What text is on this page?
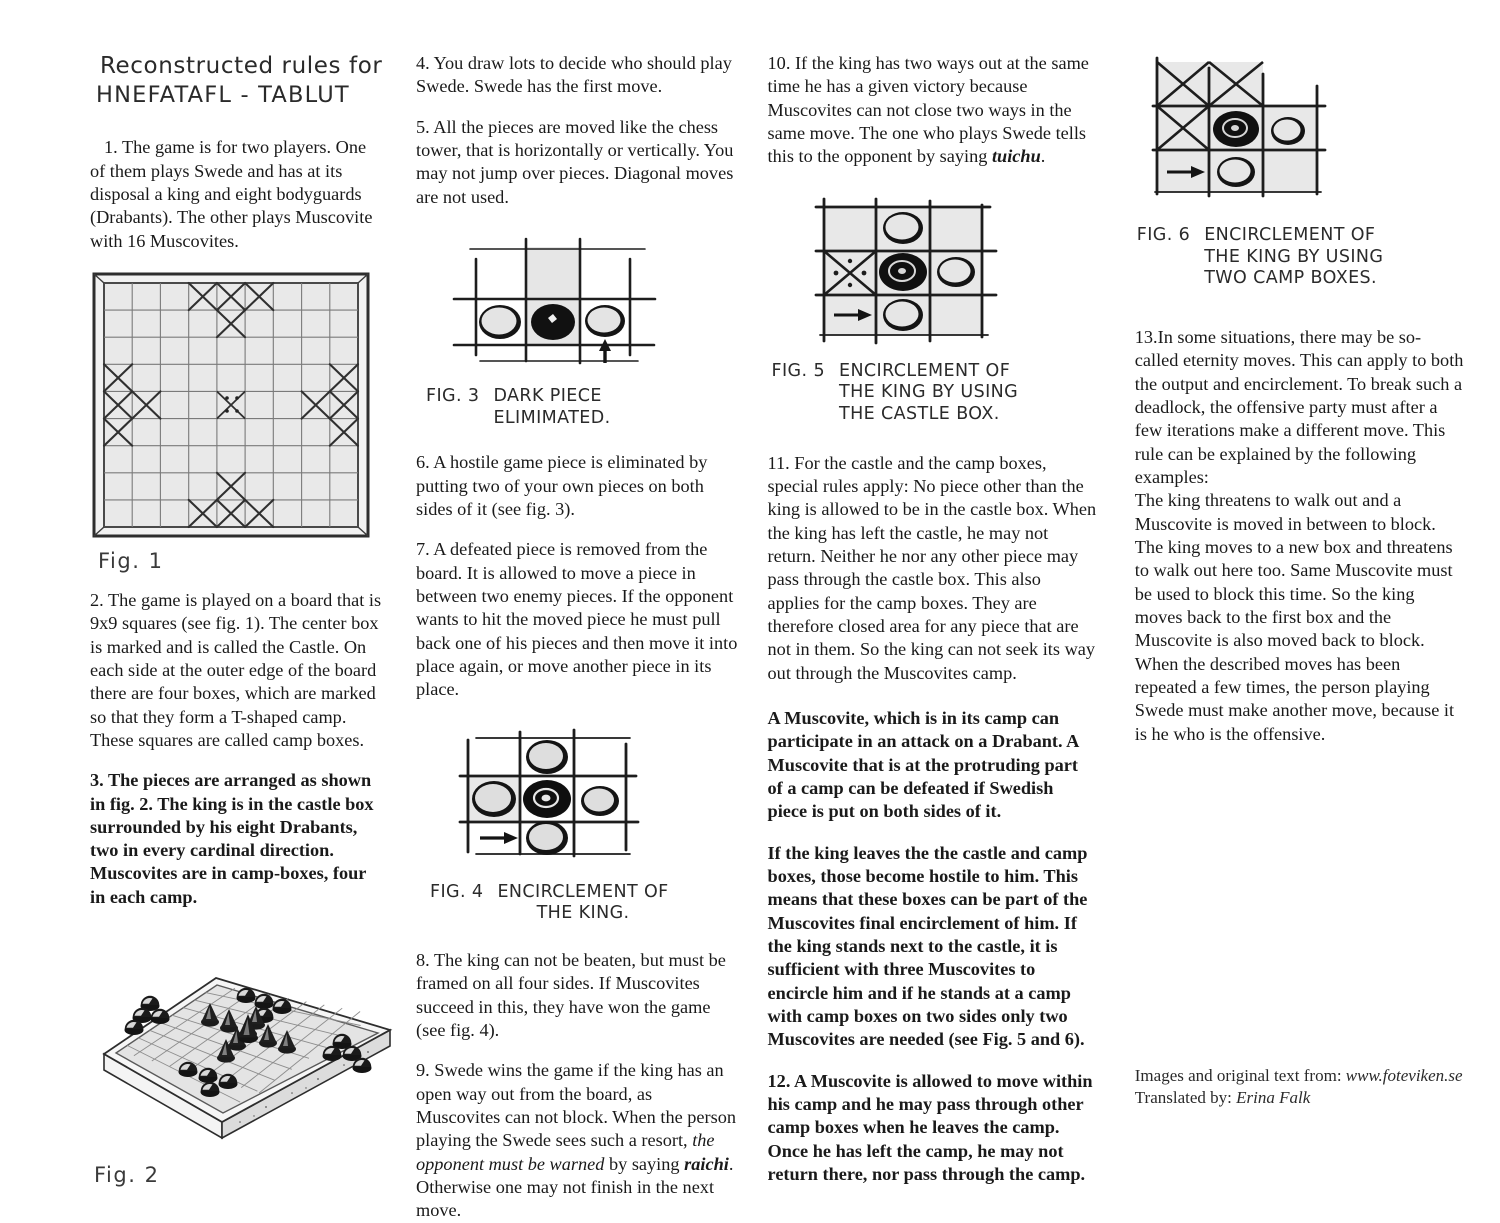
Reconstructed rules for
HNEFATAFL - TABLUT

1. The game is for two players. One of them plays Swede and has at its disposal a king and eight bodyguards (Drabants). The other plays Muscovite with 16 Muscovites.

Fig. 1

2. The game is played on a board that is 9x9 squares (see fig. 1). The center box is marked and is called the Castle. On each side at the outer edge of the board there are four boxes, which are marked so that they form a T-shaped camp. These squares are called camp boxes.

3. The pieces are arranged as shown in fig. 2. The king is in the castle box surrounded by his eight Drabants, two in every cardinal direction. Muscovites are in camp-boxes, four in each camp.

Fig. 2

4. You draw lots to decide who should play Swede. Swede has the first move.

5. All the pieces are moved like the chess tower, that is horizontally or vertically. You may not jump over pieces. Diagonal moves are not used.

FIG. 3 DARK PIECE
ELIMIMATED.

6. A hostile game piece is eliminated by putting two of your own pieces on both sides of it (see fig. 3).

7. A defeated piece is removed from the board. It is allowed to move a piece in between two enemy pieces. If the opponent wants to hit the moved piece he must pull back one of his pieces and then move it into place again, or move another piece in its place.

FIG. 4 ENCIRCLEMENT OF
THE KING.

8. The king can not be beaten, but must be framed on all four sides. If Muscovites succeed in this, they have won the game (see fig. 4).

9. Swede wins the game if the king has an open way out from the board, as Muscovites can not block. When the person playing the Swede sees such a resort, the opponent must be warned by saying raichi. Otherwise one may not finish in the next move.

10. If the king has two ways out at the same time he has a given victory because Muscovites can not close two ways in the same move. The one who plays Swede tells this to the opponent by saying tuichu.

FIG. 5 ENCIRCLEMENT OF
THE KING BY USING
THE CASTLE BOX.

11. For the castle and the camp boxes, special rules apply: No piece other than the king is allowed to be in the castle box. When the king has left the castle, he may not return. Neither he nor any other piece may pass through the castle box. This also applies for the camp boxes. They are therefore closed area for any piece that are not in them. So the king can not seek its way out through the Muscovites camp.

A Muscovite, which is in its camp can participate in an attack on a Drabant. A Muscovite that is at the protruding part of a camp can be defeated if Swedish piece is put on both sides of it.

If the king leaves the the castle and camp boxes, those become hostile to him. This means that these boxes can be part of the Muscovites final encirclement of him. If the king stands next to the castle, it is sufficient with three Muscovites to encircle him and if he stands at a camp with camp boxes on two sides only two Muscovites are needed (see Fig. 5 and 6).

12. A Muscovite is allowed to move within his camp and he may pass through other camp boxes when he leaves the camp. Once he has left the camp, he may not return there, nor pass through the camp.

FIG. 6 ENCIRCLEMENT OF
THE KING BY USING
TWO CAMP BOXES.

13.In some situations, there may be so-called eternity moves. This can apply to both the output and encirclement. To break such a deadlock, the offensive party must after a few iterations make a different move. This rule can be explained by the following examples:

The king threatens to walk out and a Muscovite is moved in between to block. The king moves to a new box and threatens to walk out here too. Same Muscovite must be used to block this time. So the king moves back to the first box and the Muscovite is also moved back to block. When the described moves has been repeated a few times, the person playing Swede must make another move, because it is he who is the offensive.

Images and original text from: www.foteviken.se
Translated by: Erina Falk
